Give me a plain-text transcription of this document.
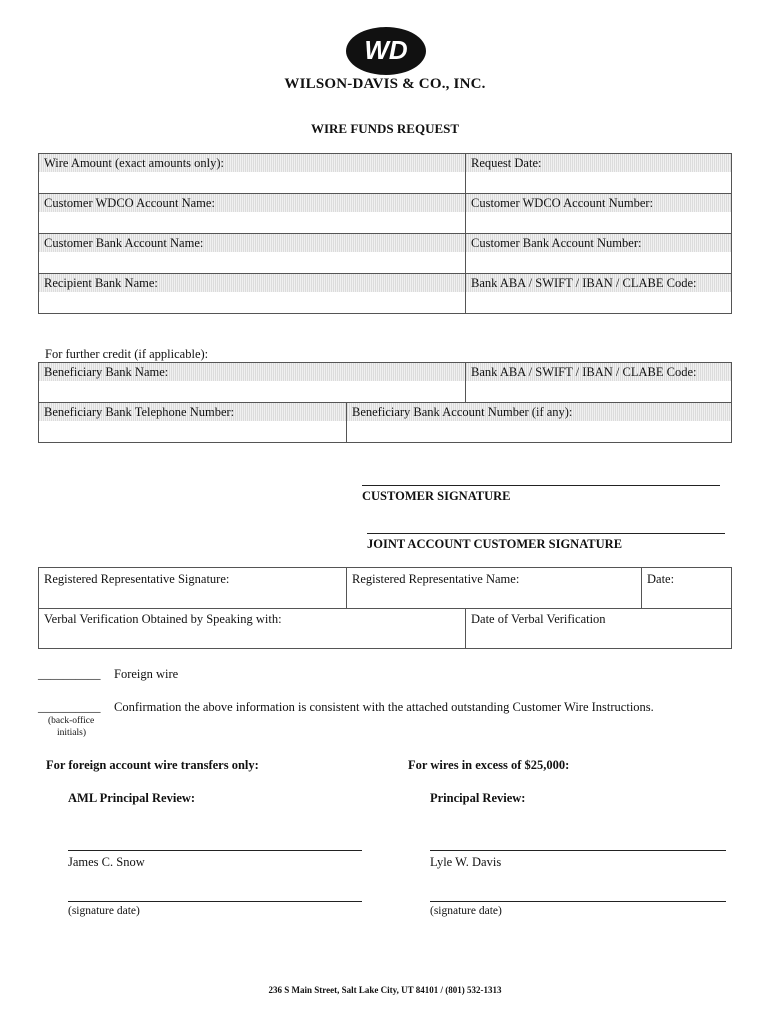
WD
WILSON-DAVIS & CO., INC.
WIRE FUNDS REQUEST
Wire Amount (exact amounts only):	Request Date:
Customer WDCO Account Name:	Customer WDCO Account Number:
Customer Bank Account Name:	Customer Bank Account Number:
Recipient Bank Name:	Bank ABA / SWIFT / IBAN / CLABE Code:
For further credit (if applicable):
Beneficiary Bank Name:	Bank ABA / SWIFT / IBAN / CLABE Code:
Beneficiary Bank Telephone Number:	Beneficiary Bank Account Number (if any):
CUSTOMER SIGNATURE
JOINT ACCOUNT CUSTOMER SIGNATURE
Registered Representative Signature:	Registered Representative Name:	Date:
Verbal Verification Obtained by Speaking with:	Date of Verbal Verification
__________ Foreign wire
__________ Confirmation the above information is consistent with the attached outstanding Customer Wire Instructions.
(back-office
initials)
For foreign account wire transfers only:	For wires in excess of $25,000:
AML Principal Review:	Principal Review:
James C. Snow	Lyle W. Davis
(signature date)	(signature date)
236 S Main Street, Salt Lake City, UT 84101 / (801) 532-1313
